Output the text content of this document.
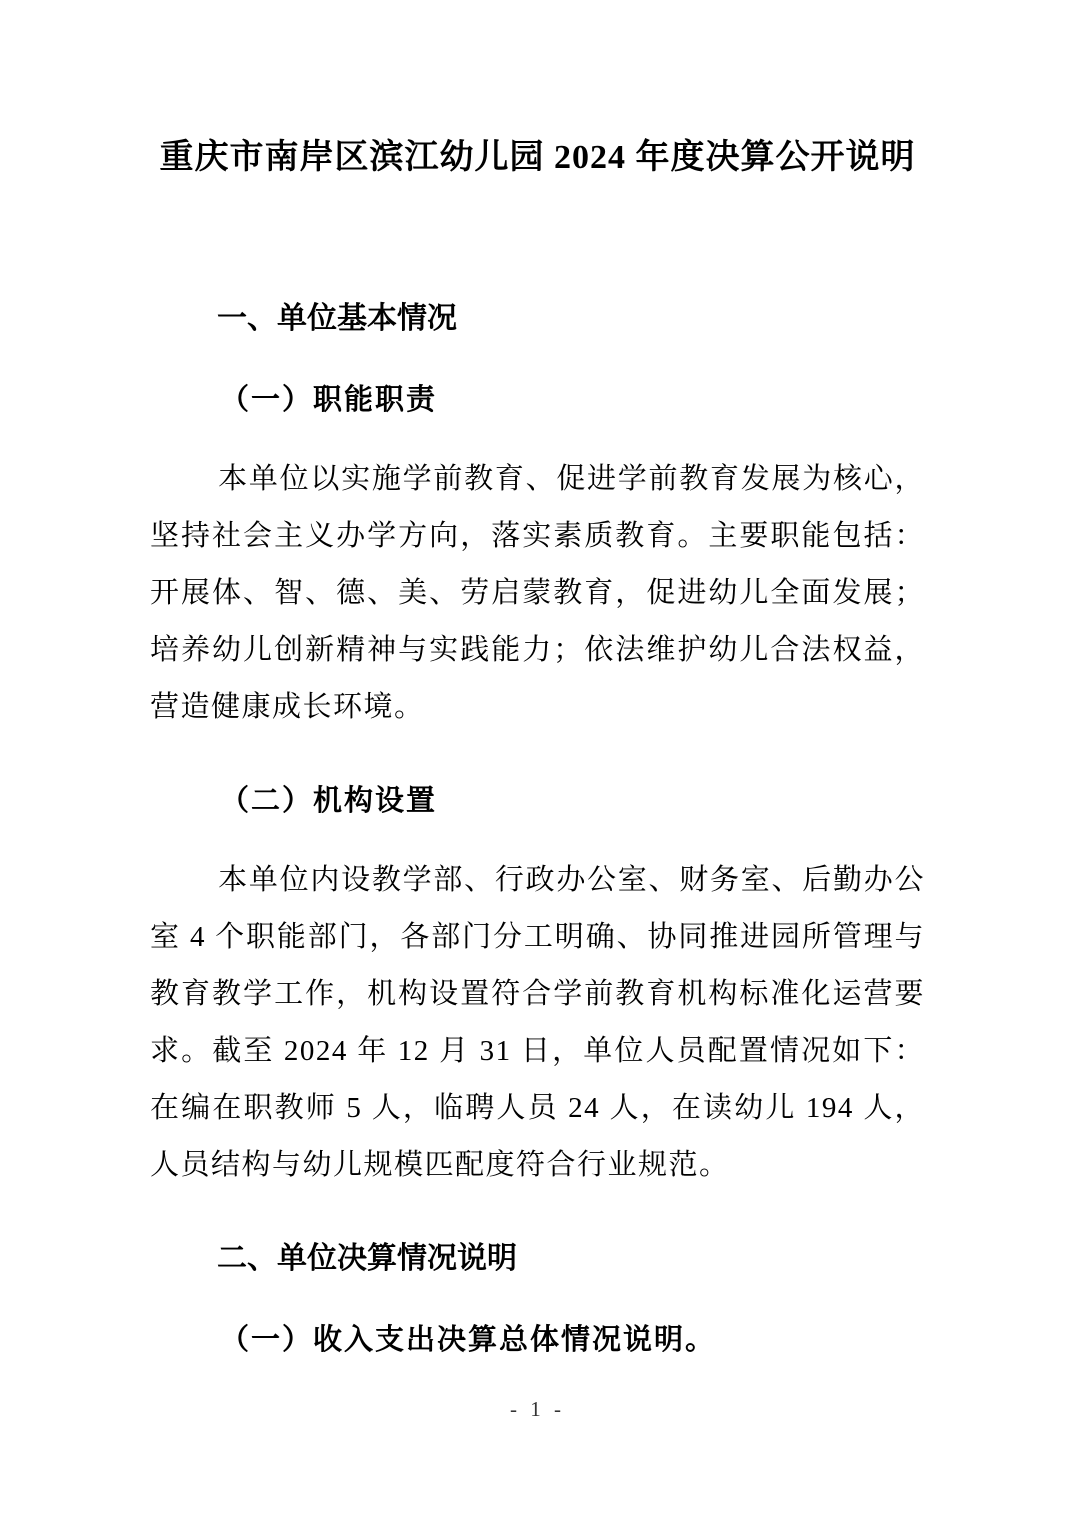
重庆市南岸区滨江幼儿园 2024 年度决算公开说明
一、单位基本情况
（一）职能职责

本单位以实施学前教育、促进学前教育发展为核心，坚持社会主义办学方向，落实素质教育。主要职能包括：开展体、智、德、美、劳启蒙教育，促进幼儿全面发展；培养幼儿创新精神与实践能力；依法维护幼儿合法权益，营造健康成长环境。

（二）机构设置

本单位内设教学部、行政办公室、财务室、后勤办公室 4 个职能部门，各部门分工明确、协同推进园所管理与教育教学工作，机构设置符合学前教育机构标准化运营要求。截至 2024 年 12 月 31 日，单位人员配置情况如下：在编在职教师 5 人，临聘人员 24 人，在读幼儿 194 人，人员结构与幼儿规模匹配度符合行业规范。

二、单位决算情况说明
（一）收入支出决算总体情况说明。
- 1 -
